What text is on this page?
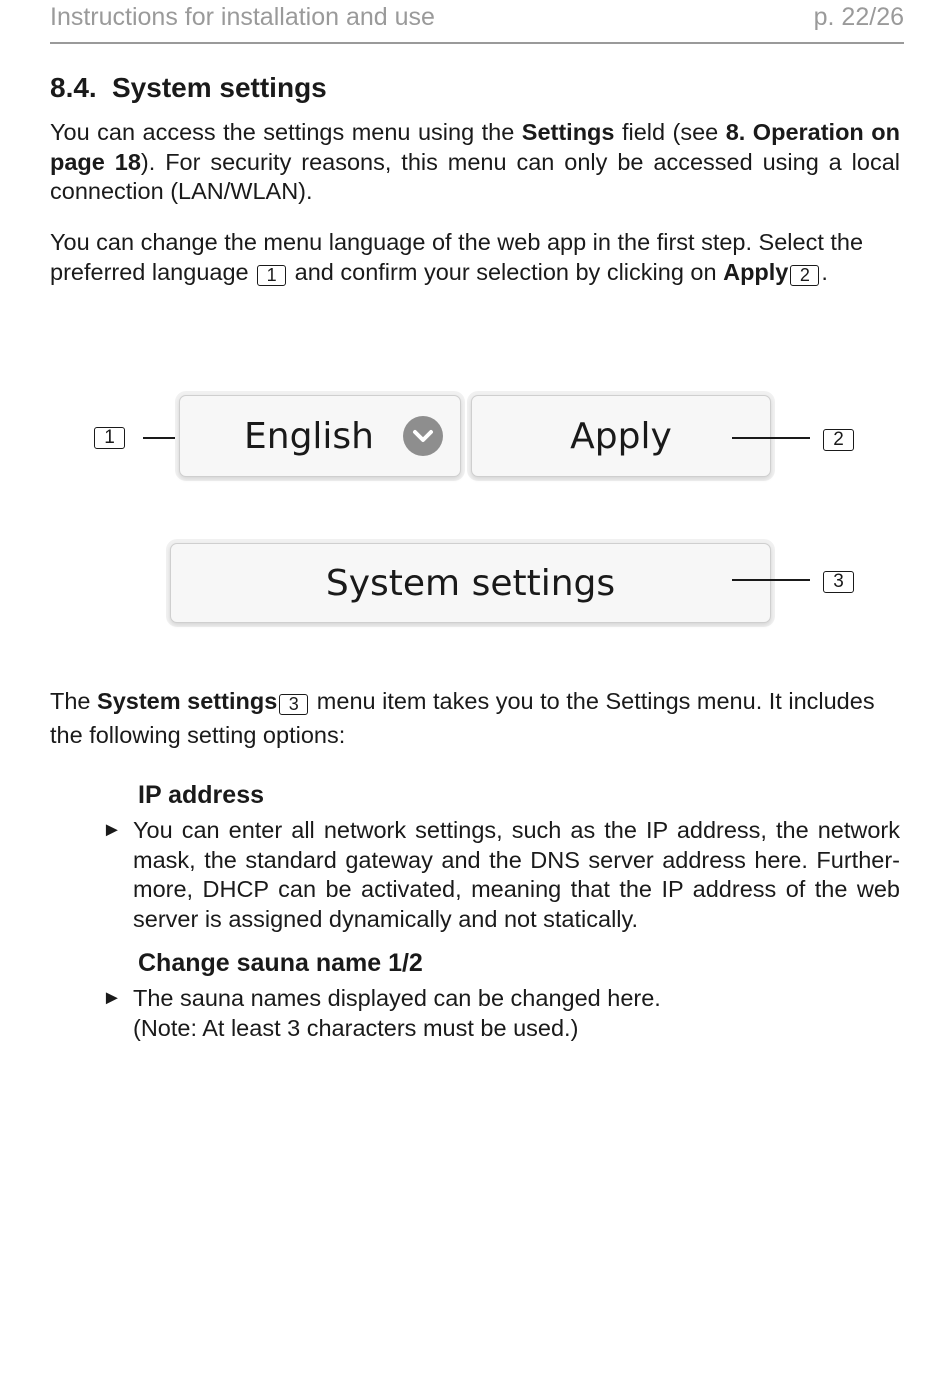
Instructions for installation and use	p. 22/26
8.4. System settings
You can access the settings menu using the Settings field (see 8. Operation on page 18). For security reasons, this menu can only be accessed using a local connection (LAN/WLAN).
You can change the menu language of the web app in the first step. Select the preferred language 1 and confirm your selection by clicking on Apply 2 .
1	English	Apply	2
System settings	3
The System settings 3 menu item takes you to the Settings menu. It includes the following setting options:
IP address
► You can enter all network settings, such as the IP address, the network mask, the standard gateway and the DNS server address here. Further-more, DHCP can be activated, meaning that the IP address of the web server is assigned dynamically and not statically.
Change sauna name 1/2
► The sauna names displayed can be changed here.
(Note: At least 3 characters must be used.)
